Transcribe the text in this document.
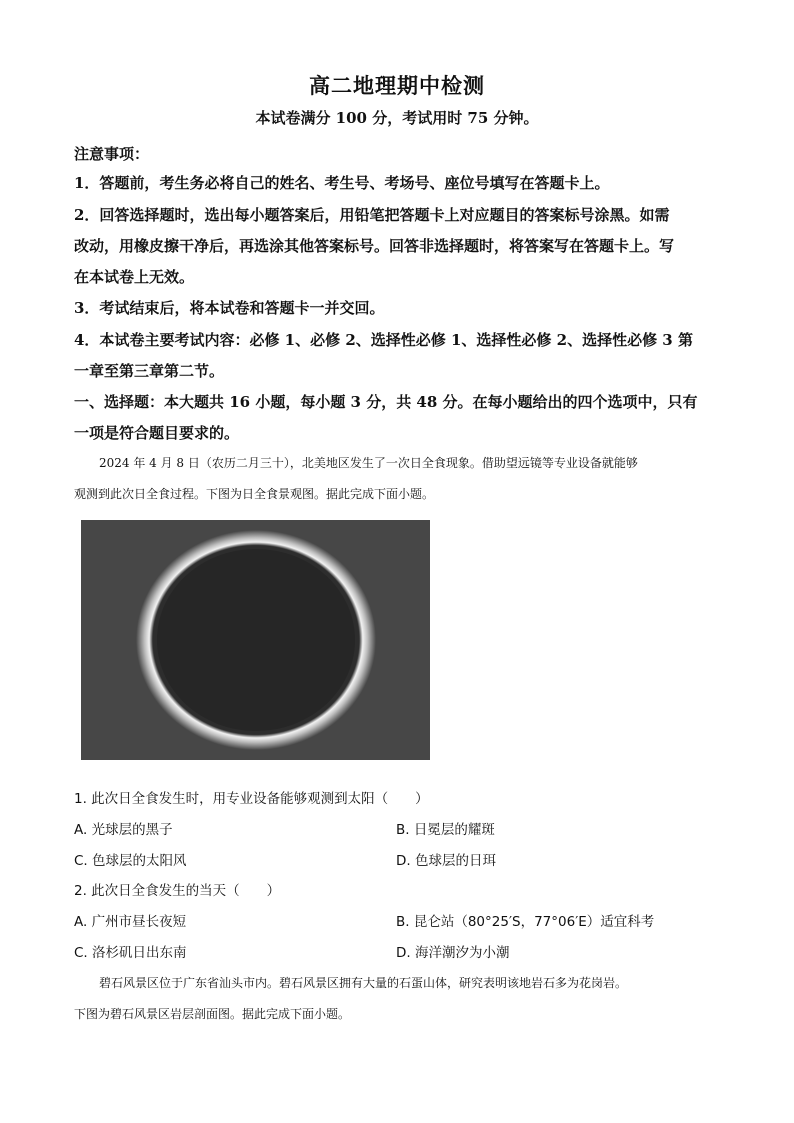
高二地理期中检测
本试卷满分 100 分，考试用时 75 分钟。
注意事项：
1．答题前，考生务必将自己的姓名、考生号、考场号、座位号填写在答题卡上。
2．回答选择题时，选出每小题答案后，用铅笔把答题卡上对应题目的答案标号涂黑。如需
改动，用橡皮擦干净后，再选涂其他答案标号。回答非选择题时，将答案写在答题卡上。写
在本试卷上无效。
3．考试结束后，将本试卷和答题卡一并交回。
4．本试卷主要考试内容：必修 1、必修 2、选择性必修 1、选择性必修 2、选择性必修 3 第
一章至第三章第二节。
一、选择题：本大题共 16 小题，每小题 3 分，共 48 分。在每小题给出的四个选项中，只有
一项是符合题目要求的。
2024 年 4 月 8 日（农历二月三十），北美地区发生了一次日全食现象。借助望远镜等专业设备就能够
观测到此次日全食过程。下图为日全食景观图。据此完成下面小题。
1. 此次日全食发生时，用专业设备能够观测到太阳（　　）
A. 光球层的黑子	B. 日冕层的耀斑
C. 色球层的太阳风	D. 色球层的日珥
2. 此次日全食发生的当天（　　）
A. 广州市昼长夜短	B. 昆仑站（80°25′S，77°06′E）适宜科考
C. 洛杉矶日出东南	D. 海洋潮汐为小潮
碧石风景区位于广东省汕头市内。碧石风景区拥有大量的石蛋山体，研究表明该地岩石多为花岗岩。
下图为碧石风景区岩层剖面图。据此完成下面小题。
